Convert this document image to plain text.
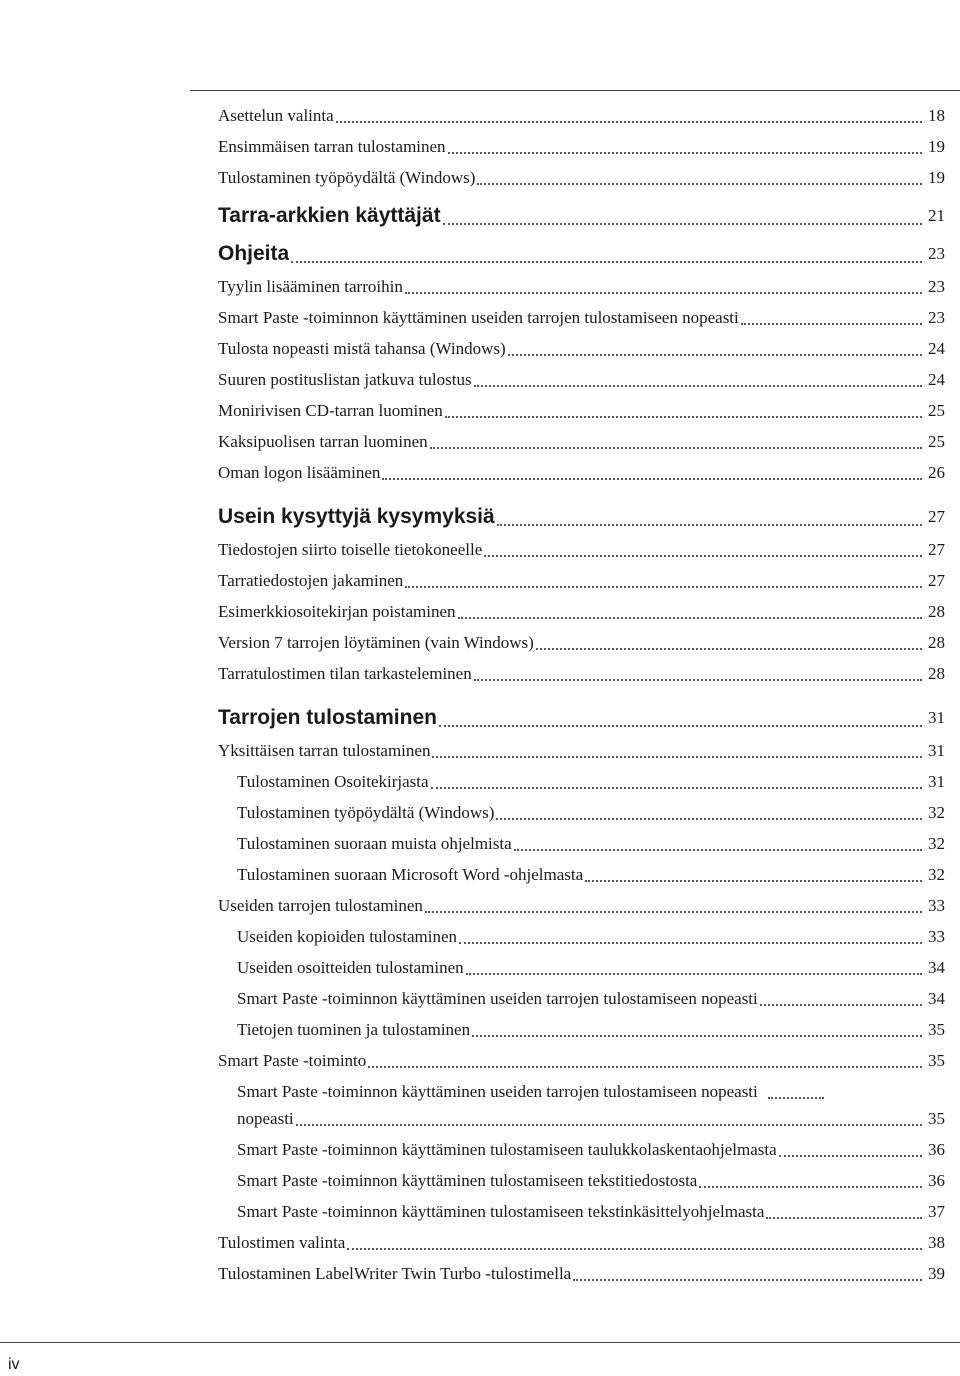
Asettelun valinta	18
Ensimmäisen tarran tulostaminen	19
Tulostaminen työpöydältä (Windows)	19
Tarra-arkkien käyttäjät	21
Ohjeita	23
Tyylin lisääminen tarroihin	23
Smart Paste -toiminnon käyttäminen useiden tarrojen tulostamiseen nopeasti	23
Tulosta nopeasti mistä tahansa (Windows)	24
Suuren postituslistan jatkuva tulostus	24
Monirivisen CD-tarran luominen	25
Kaksipuolisen tarran luominen	25
Oman logon lisääminen	26
Usein kysyttyjä kysymyksiä	27
Tiedostojen siirto toiselle tietokoneelle	27
Tarratiedostojen jakaminen	27
Esimerkkiosoitekirjan poistaminen	28
Version 7 tarrojen löytäminen (vain Windows)	28
Tarratulostimen tilan tarkasteleminen	28
Tarrojen tulostaminen	31
Yksittäisen tarran tulostaminen	31
Tulostaminen Osoitekirjasta	31
Tulostaminen työpöydältä (Windows)	32
Tulostaminen suoraan muista ohjelmista	32
Tulostaminen suoraan Microsoft Word -ohjelmasta	32
Useiden tarrojen tulostaminen	33
Useiden kopioiden tulostaminen	33
Useiden osoitteiden tulostaminen	34
Smart Paste -toiminnon käyttäminen useiden tarrojen tulostamiseen nopeasti	34
Tietojen tuominen ja tulostaminen	35
Smart Paste -toiminto	35
Smart Paste -toiminnon käyttäminen useiden tarrojen tulostamiseen nopeasti
nopeasti	35
Smart Paste -toiminnon käyttäminen tulostamiseen taulukkolaskentaohjelmasta	36
Smart Paste -toiminnon käyttäminen tulostamiseen tekstitiedostosta	36
Smart Paste -toiminnon käyttäminen tulostamiseen tekstinkäsittelyohjelmasta	37
Tulostimen valinta	38
Tulostaminen LabelWriter Twin Turbo -tulostimella	39
iv
